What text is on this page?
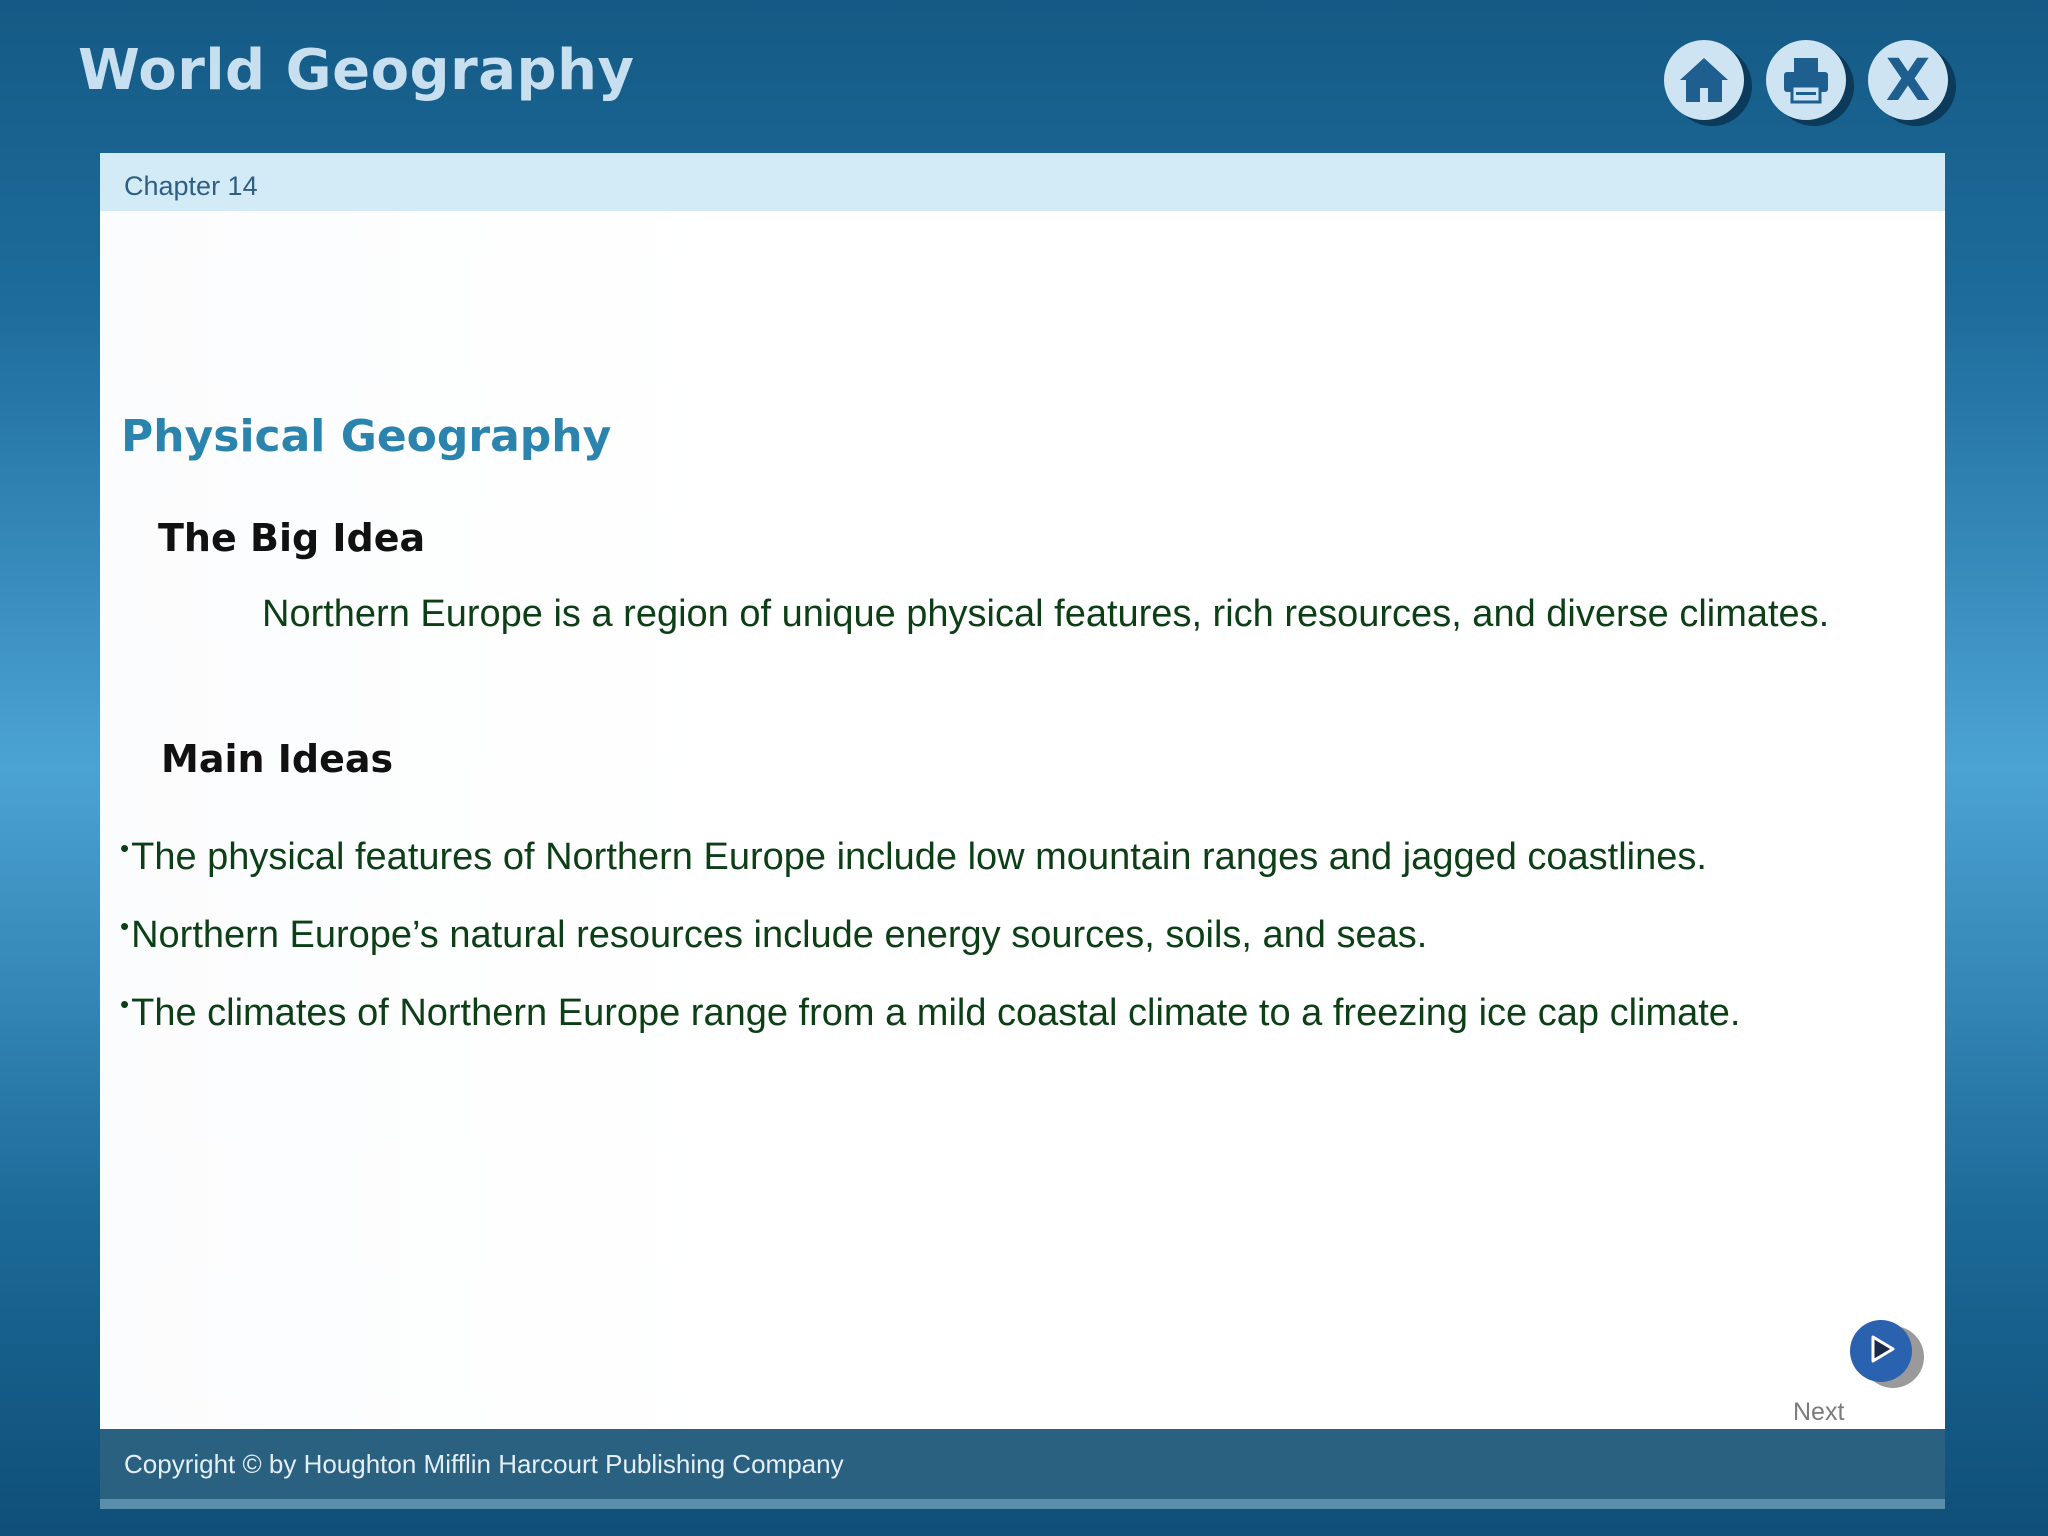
World Geography	X
Chapter 14
Physical Geography
The Big Idea
Northern Europe is a region of unique physical features, rich resources, and diverse climates.
Main Ideas
•The physical features of Northern Europe include low mountain ranges and jagged coastlines.
•Northern Europe’s natural resources include energy sources, soils, and seas.
•The climates of Northern Europe range from a mild coastal climate to a freezing ice cap climate.
Next
Copyright © by Houghton Mifflin Harcourt Publishing Company
